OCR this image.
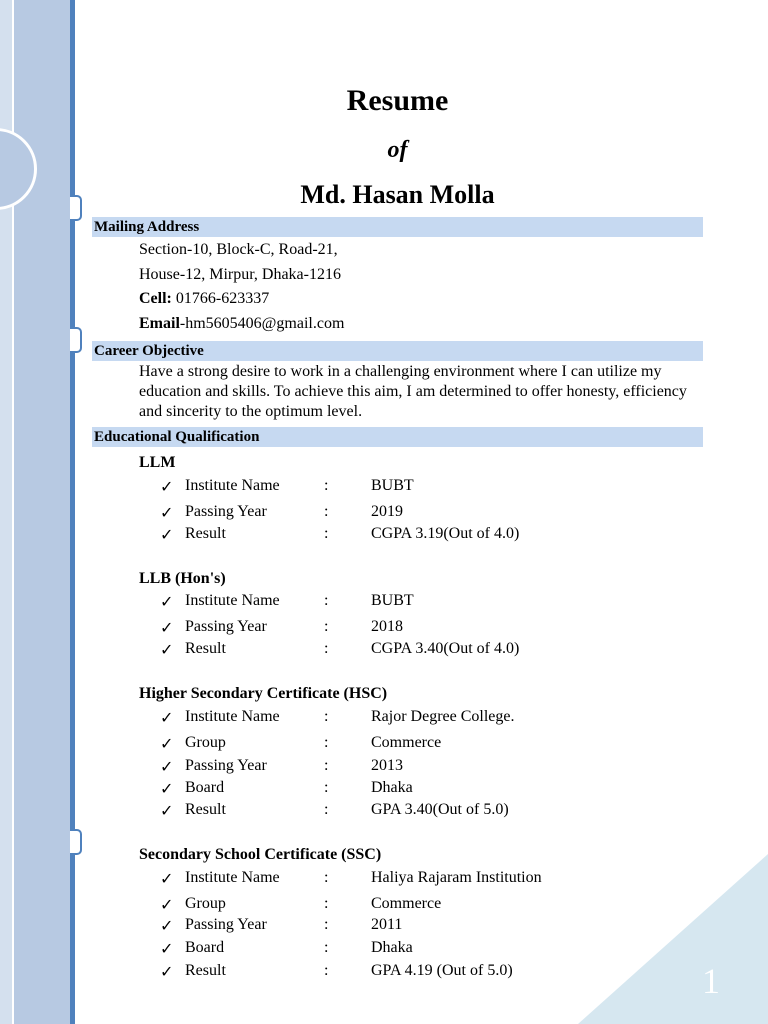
1
Resume
of
Md. Hasan Molla
Mailing Address
Section-10, Block-C, Road-21,
House-12, Mirpur, Dhaka-1216
Cell: 01766-623337
Email-hm5605406@gmail.com
Career Objective
Have a strong desire to work in a challenging environment where I can utilize my education and skills. To achieve this aim, I am determined to offer honesty, efficiency and sincerity to the optimum level.
Educational Qualification
LLM
✓ Institute Name	:	BUBT
✓ Passing Year	:	2019
✓ Result	:	CGPA 3.19(Out of 4.0)
LLB (Hon's)
✓ Institute Name	:	BUBT
✓ Passing Year	:	2018
✓ Result	:	CGPA 3.40(Out of 4.0)
Higher Secondary Certificate (HSC)
✓ Institute Name	:	Rajor Degree College.
✓ Group	:	Commerce
✓ Passing Year	:	2013
✓ Board	:	Dhaka
✓ Result	:	GPA 3.40(Out of 5.0)
Secondary School Certificate (SSC)
✓ Institute Name	:	Haliya Rajaram Institution
✓ Group	:	Commerce
✓ Passing Year	:	2011
✓ Board	:	Dhaka
✓ Result	:	GPA 4.19 (Out of 5.0)
